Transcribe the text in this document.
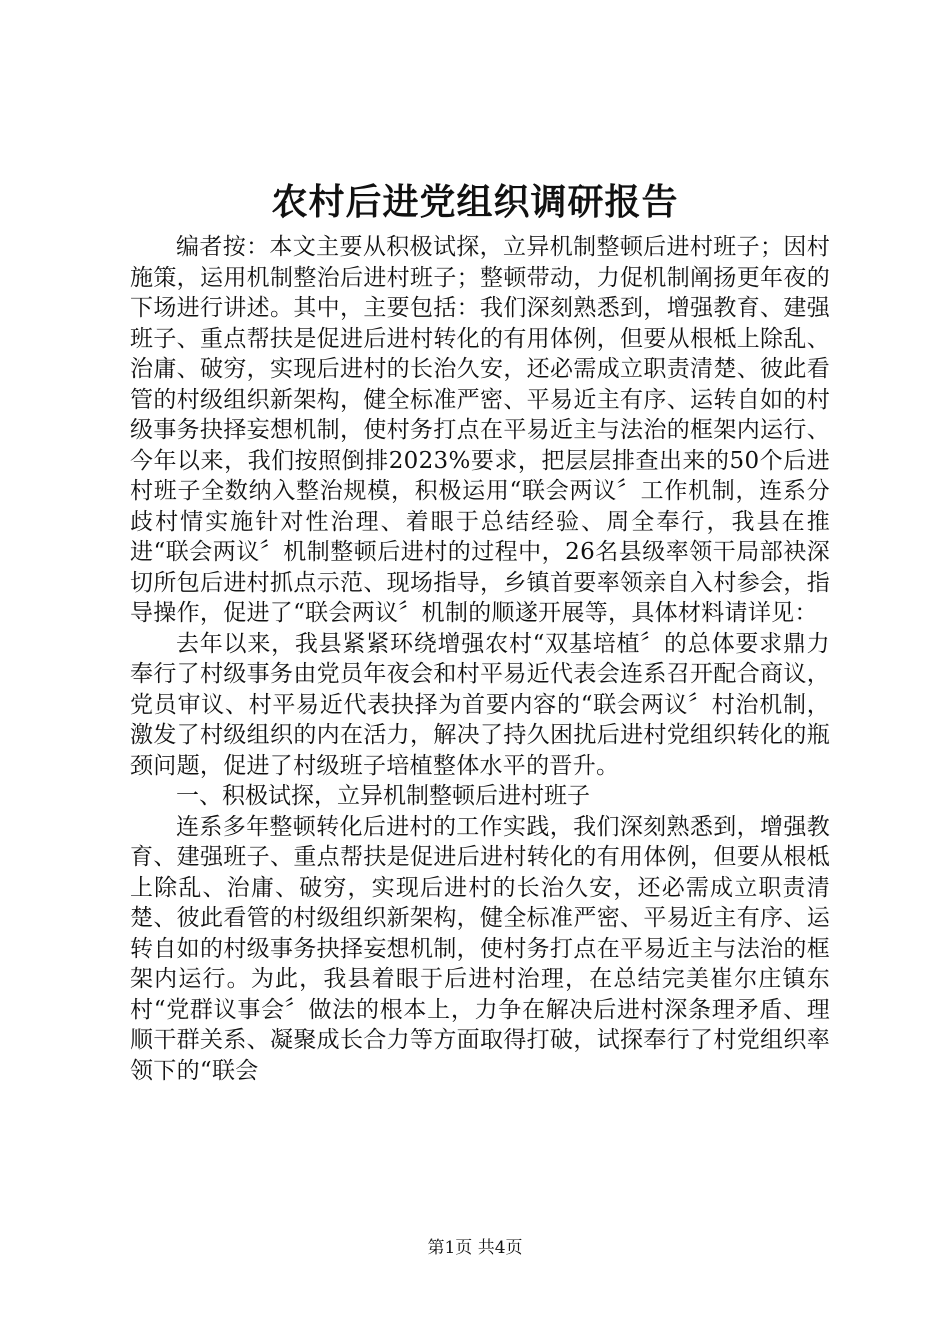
农村后进党组织调研报告

编者按：本文主要从积极试探，立异机制整顿后进村班子；因村施策，运用机制整治后进村班子；整顿带动，力促机制阐扬更年夜的下场进行讲述。其中，主要包括：我们深刻熟悉到，增强教育、建强班子、重点帮扶是促进后进村转化的有用体例，但要从根柢上除乱、治庸、破穷，实现后进村的长治久安，还必需成立职责清楚、彼此看管的村级组织新架构，健全标准严密、平易近主有序、运转自如的村级事务抉择妄想机制，使村务打点在平易近主与法治的框架内运行、今年以来，我们按照倒排2023%要求，把层层排查出来的50个后进村班子全数纳入整治规模，积极运用“联会两议〞工作机制，连系分歧村情实施针对性治理、着眼于总结经验、周全奉行，我县在推进“联会两议〞机制整顿后进村的过程中，26名县级率领干局部袂深切所包后进村抓点示范、现场指导，乡镇首要率领亲自入村参会，指导操作，促进了“联会两议〞机制的顺遂开展等，具体材料请详见：

去年以来，我县紧紧环绕增强农村“双基培植〞的总体要求鼎力奉行了村级事务由党员年夜会和村平易近代表会连系召开配合商议，党员审议、村平易近代表抉择为首要内容的“联会两议〞村治机制，激发了村级组织的内在活力，解决了持久困扰后进村党组织转化的瓶颈问题，促进了村级班子培植整体水平的晋升。

一、积极试探，立异机制整顿后进村班子

连系多年整顿转化后进村的工作实践，我们深刻熟悉到，增强教育、建强班子、重点帮扶是促进后进村转化的有用体例，但要从根柢上除乱、治庸、破穷，实现后进村的长治久安，还必需成立职责清楚、彼此看管的村级组织新架构，健全标准严密、平易近主有序、运转自如的村级事务抉择妄想机制，使村务打点在平易近主与法治的框架内运行。为此，我县着眼于后进村治理，在总结完美崔尔庄镇东村“党群议事会〞做法的根本上，力争在解决后进村深条理矛盾、理顺干群关系、凝聚成长合力等方面取得打破，试探奉行了村党组织率领下的“联会

第1页 共4页
